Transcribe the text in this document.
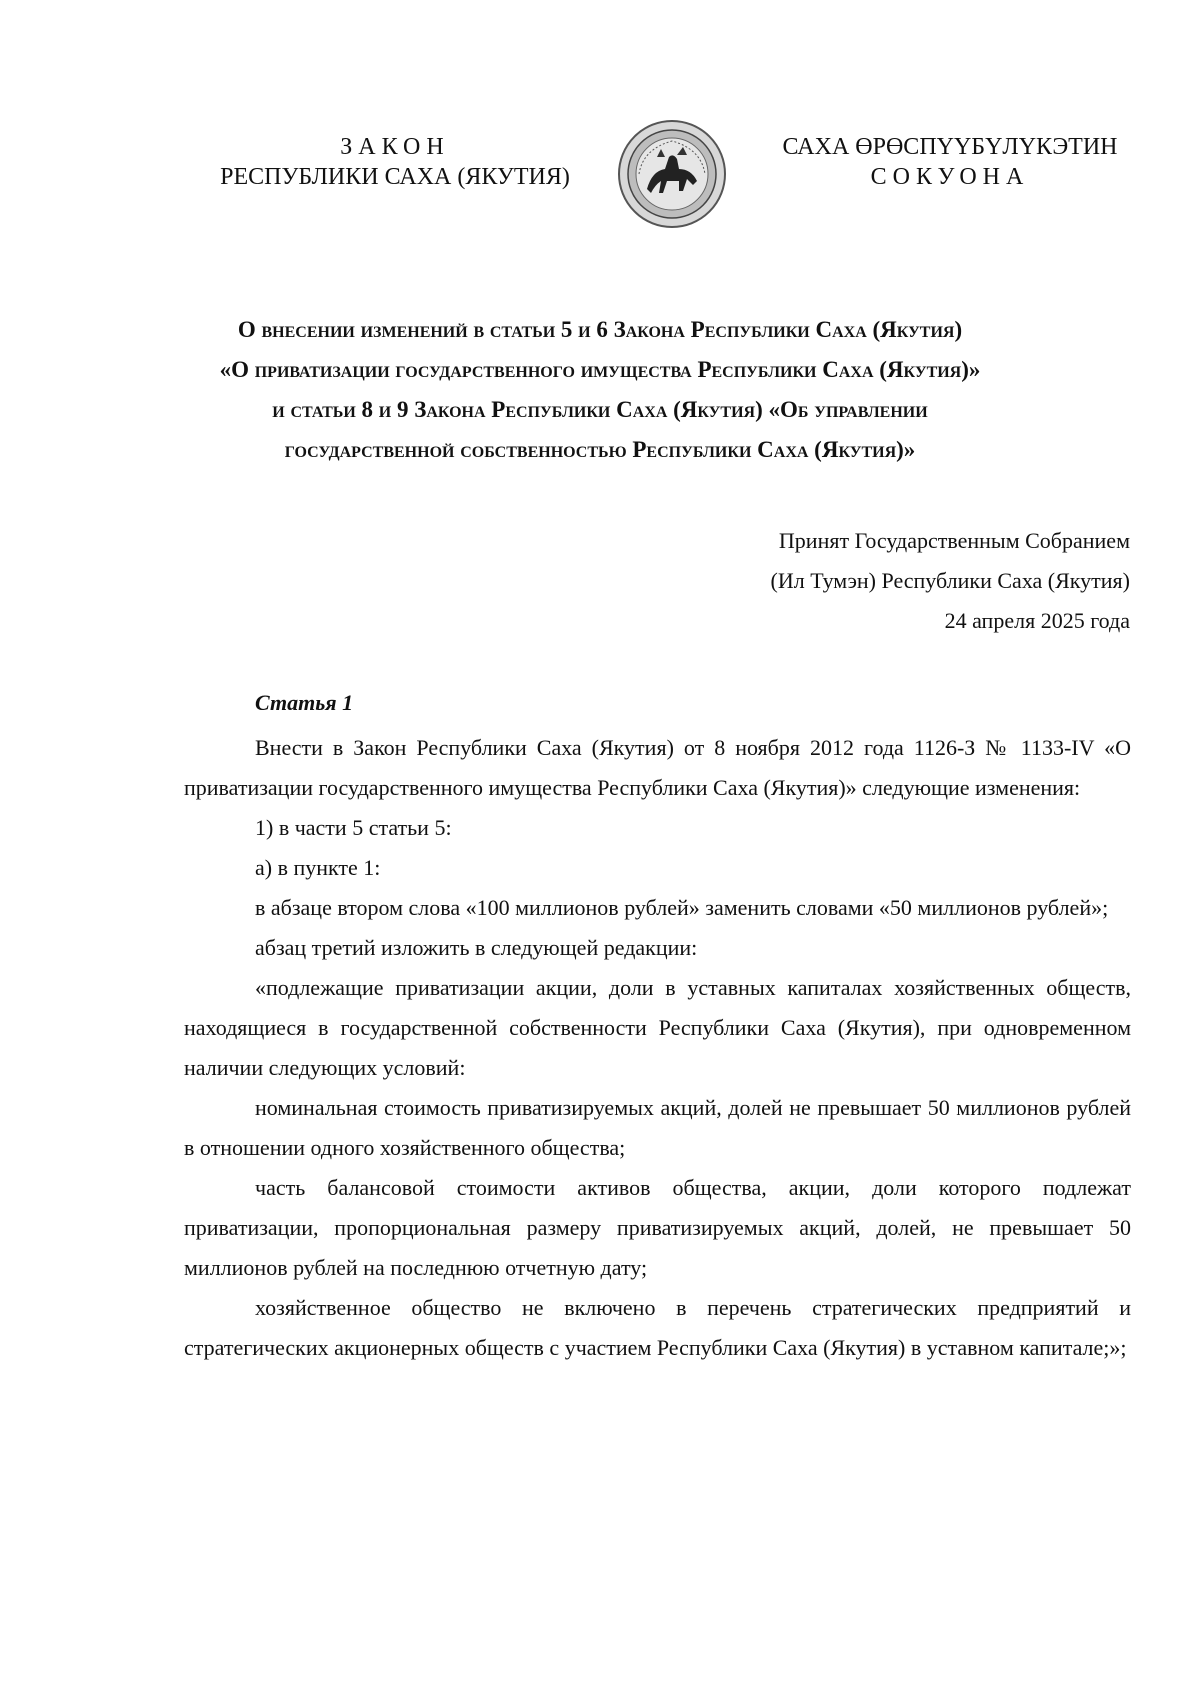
ЗАКОН
РЕСПУБЛИКИ САХА (ЯКУТИЯ)
САХА ӨРӨСПҮҮБҮЛҮКЭТИН
СОКУОНА
О внесении изменений в статьи 5 и 6 Закона Республики Саха (Якутия)
«О приватизации государственного имущества Республики Саха (Якутия)»
и статьи 8 и 9 Закона Республики Саха (Якутия) «Об управлении
государственной собственностью Республики Саха (Якутия)»
Принят Государственным Собранием
(Ил Тумэн) Республики Саха (Якутия)
24 апреля 2025 года
Статья 1

Внести в Закон Республики Саха (Якутия) от 8 ноября 2012 года 1126-З № 1133-IV «О приватизации государственного имущества Республики Саха (Якутия)» следующие изменения:

1) в части 5 статьи 5:

а) в пункте 1:

в абзаце втором слова «100 миллионов рублей» заменить словами «50 миллионов рублей»;

абзац третий изложить в следующей редакции:

«подлежащие приватизации акции, доли в уставных капиталах хозяйственных обществ, находящиеся в государственной собственности Республики Саха (Якутия), при одновременном наличии следующих условий:

номинальная стоимость приватизируемых акций, долей не превышает 50 миллионов рублей в отношении одного хозяйственного общества;

часть балансовой стоимости активов общества, акции, доли которого подлежат приватизации, пропорциональная размеру приватизируемых акций, долей, не превышает 50 миллионов рублей на последнюю отчетную дату;

хозяйственное общество не включено в перечень стратегических предприятий и стратегических акционерных обществ с участием Республики Саха (Якутия) в уставном капитале;»;
